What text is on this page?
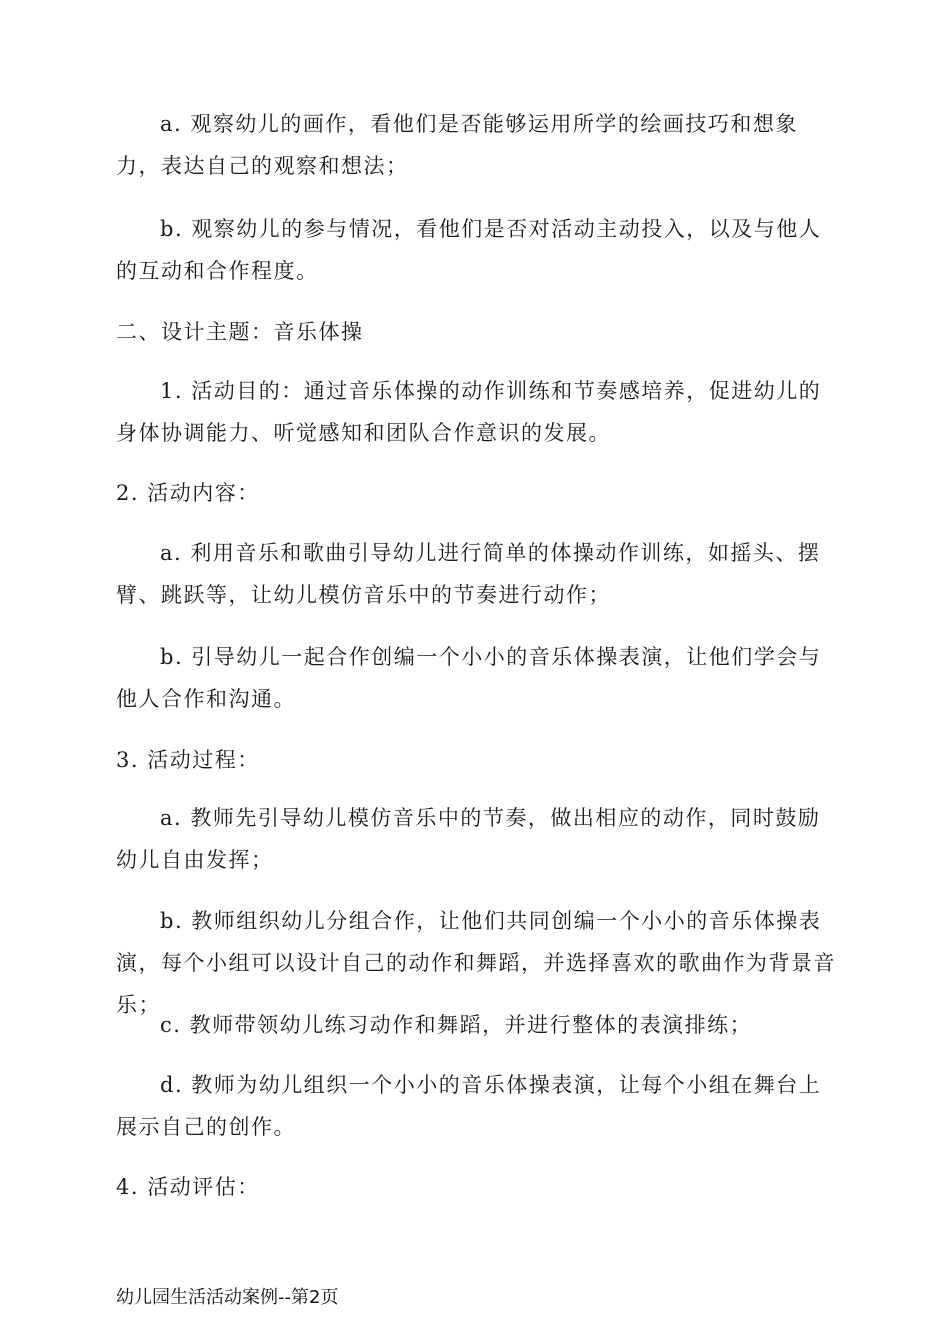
a. 观察幼儿的画作，看他们是否能够运用所学的绘画技巧和想象力，表达自己的观察和想法；

b. 观察幼儿的参与情况，看他们是否对活动主动投入，以及与他人的互动和合作程度。

二、设计主题：音乐体操

1. 活动目的：通过音乐体操的动作训练和节奏感培养，促进幼儿的身体协调能力、听觉感知和团队合作意识的发展。

2. 活动内容：

a. 利用音乐和歌曲引导幼儿进行简单的体操动作训练，如摇头、摆臂、跳跃等，让幼儿模仿音乐中的节奏进行动作；

b. 引导幼儿一起合作创编一个小小的音乐体操表演，让他们学会与他人合作和沟通。

3. 活动过程：

a. 教师先引导幼儿模仿音乐中的节奏，做出相应的动作，同时鼓励幼儿自由发挥；

b. 教师组织幼儿分组合作，让他们共同创编一个小小的音乐体操表演，每个小组可以设计自己的动作和舞蹈，并选择喜欢的歌曲作为背景音乐；

c. 教师带领幼儿练习动作和舞蹈，并进行整体的表演排练；

d. 教师为幼儿组织一个小小的音乐体操表演，让每个小组在舞台上展示自己的创作。

4. 活动评估：

幼儿园生活活动案例--第2页
